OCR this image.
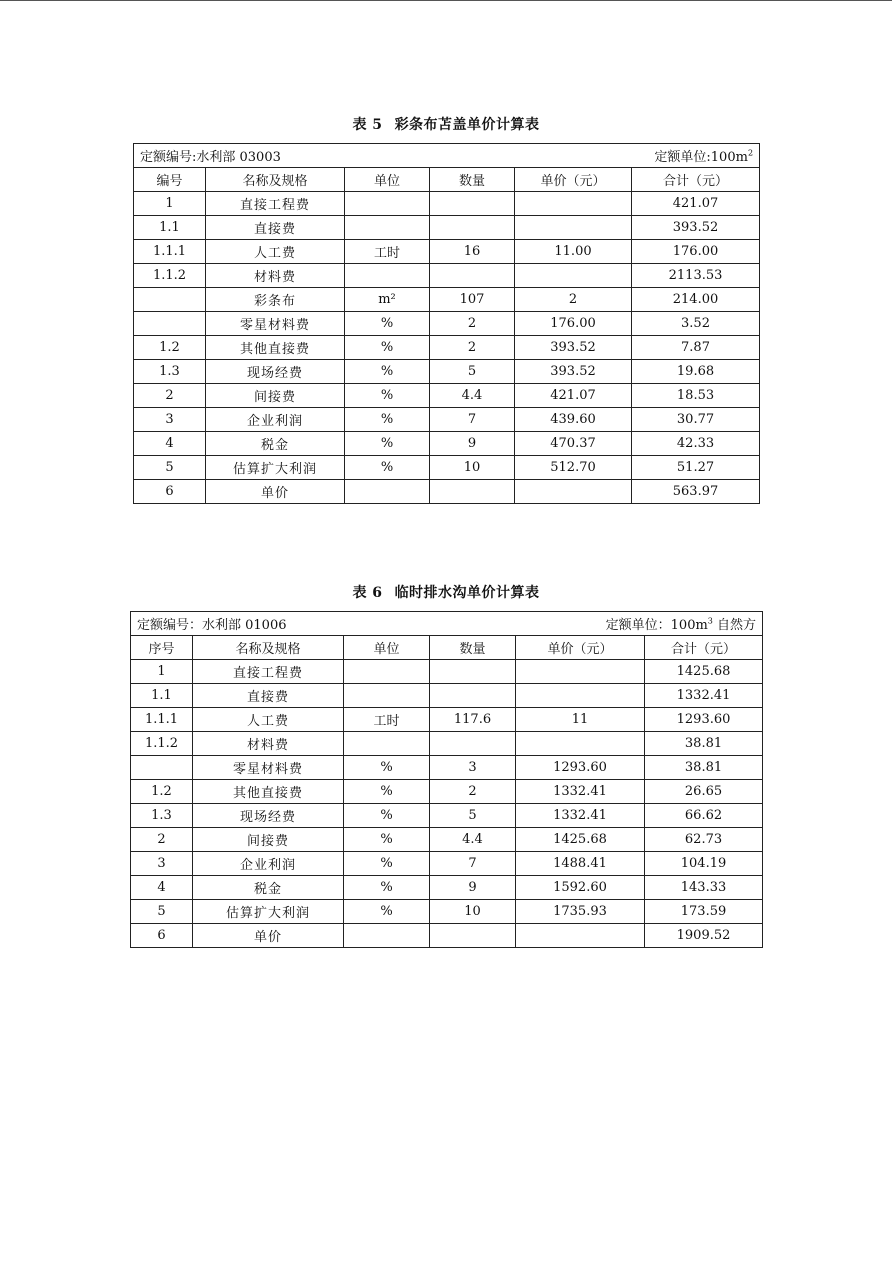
表 5 彩条布苫盖单价计算表
定额编号:水利部 03003 定额单位$:100m^2$

编号	名称及规格	单位	数量	单价（元）	合计（元）
1	直接工程费				421.07
1.1	直接费				393.52
1.1.1	人工费	工时	16	11.00	176.00
1.1.2	材料费				2113.53
	彩条布	m²	107	2	214.00
	零星材料费	%	2	176.00	3.52
1.2	其他直接费	%	2	393.52	7.87
1.3	现场经费	%	5	393.52	19.68
2	间接费	%	4.4	421.07	18.53
3	企业利润	%	7	439.60	30.77
4	税金	%	9	470.37	42.33
5	估算扩大利润	%	10	512.70	51.27
6	单价				563.97
表 6 临时排水沟单价计算表
定额编号：水利部 01006 定额单位：$100m^3$ 自然方					

序号	名称及规格	单位	数量	单价（元）	合计（元）
1	直接工程费				1425.68
1.1	直接费				1332.41
1.1.1	人工费	工时	117.6	11	1293.60
1.1.2	材料费				38.81
	零星材料费	%	3	1293.60	38.81
1.2	其他直接费	%	2	1332.41	26.65
1.3	现场经费	%	5	1332.41	66.62
2	间接费	%	4.4	1425.68	62.73
3	企业利润	%	7	1488.41	104.19
4	税金	%	9	1592.60	143.33
5	估算扩大利润	%	10	1735.93	173.59
6	单价				1909.52
